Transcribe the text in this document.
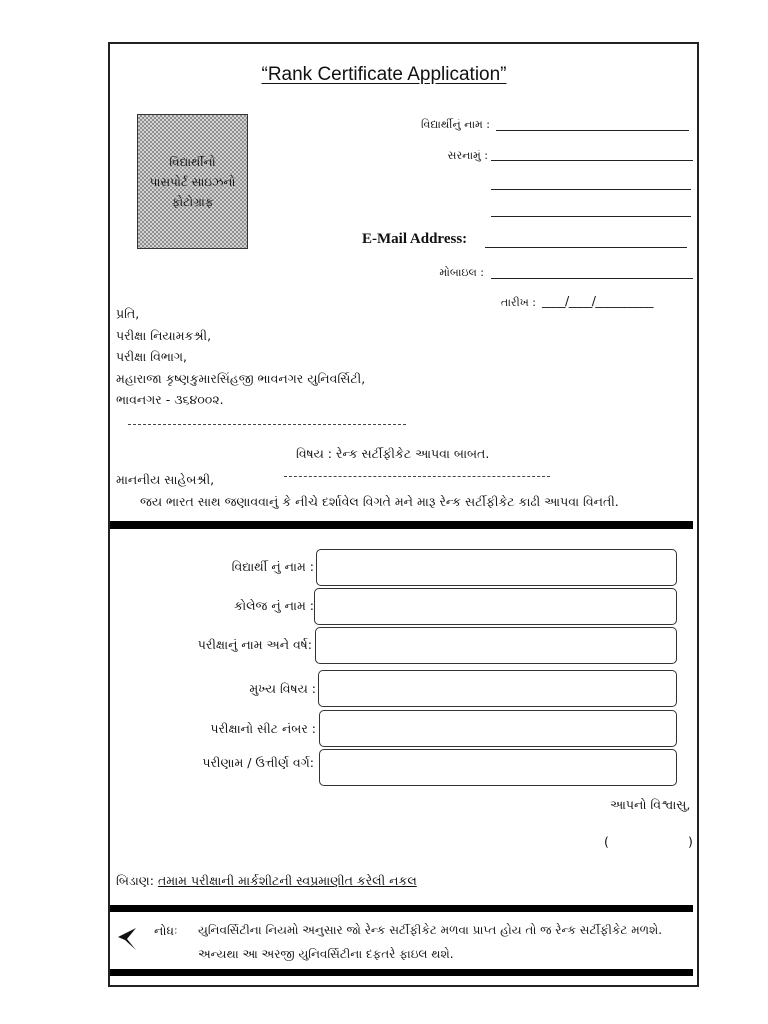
“Rank Certificate Application”
વિદ્યાર્થીનો
પાસપોર્ટ સાઇઝનો
ફોટોગ્રાફ
વિદ્યાર્થીનું નામ :
સરનામું :
E-Mail Address:
મોબાઇલ :
તારીખ : ____/____/__________
પ્રતિ,
પરીક્ષા નિયામકશ્રી,
પરીક્ષા વિભાગ,
મહારાજા કૃષ્ણકુમારસિંહજી ભાવનગર યુનિવર્સિટી,
ભાવનગર - ૩૬૪૦૦૨.
વિષય : રેન્ક સર્ટીફીકેટ આપવા બાબત.
માનનીય સાહેબશ્રી,
જય ભારત સાથ જણાવવાનું કે નીચે દર્શાવેલ વિગતે મને મારૂ રેન્ક સર્ટીફીકેટ કાઢી આપવા વિનતી.
વિદ્યાર્થી નું નામ :
કોલેજ નું નામ :
પરીક્ષાનું નામ અને વર્ષ:
મુખ્ય વિષય :
પરીક્ષાનો સીટ નંબર :
પરીણામ / ઉત્તીર્ણ વર્ગ:
આપનો વિશ્વાસુ,
(	)
બિડાણ: તમામ પરીક્ષાની માર્કશીટની સ્વપ્રમાણીત કરેલી નકલ
નોધઃ યુનિવર્સિટીના નિયમો અનુસાર જો રેન્ક સર્ટીફીકેટ મળવા પ્રાપ્ત હોય તો જ રેન્ક સર્ટીફીકેટ મળશે.
અન્યથા આ અરજી યુનિવર્સિટીના દફતરે ફાઇલ થશે.
